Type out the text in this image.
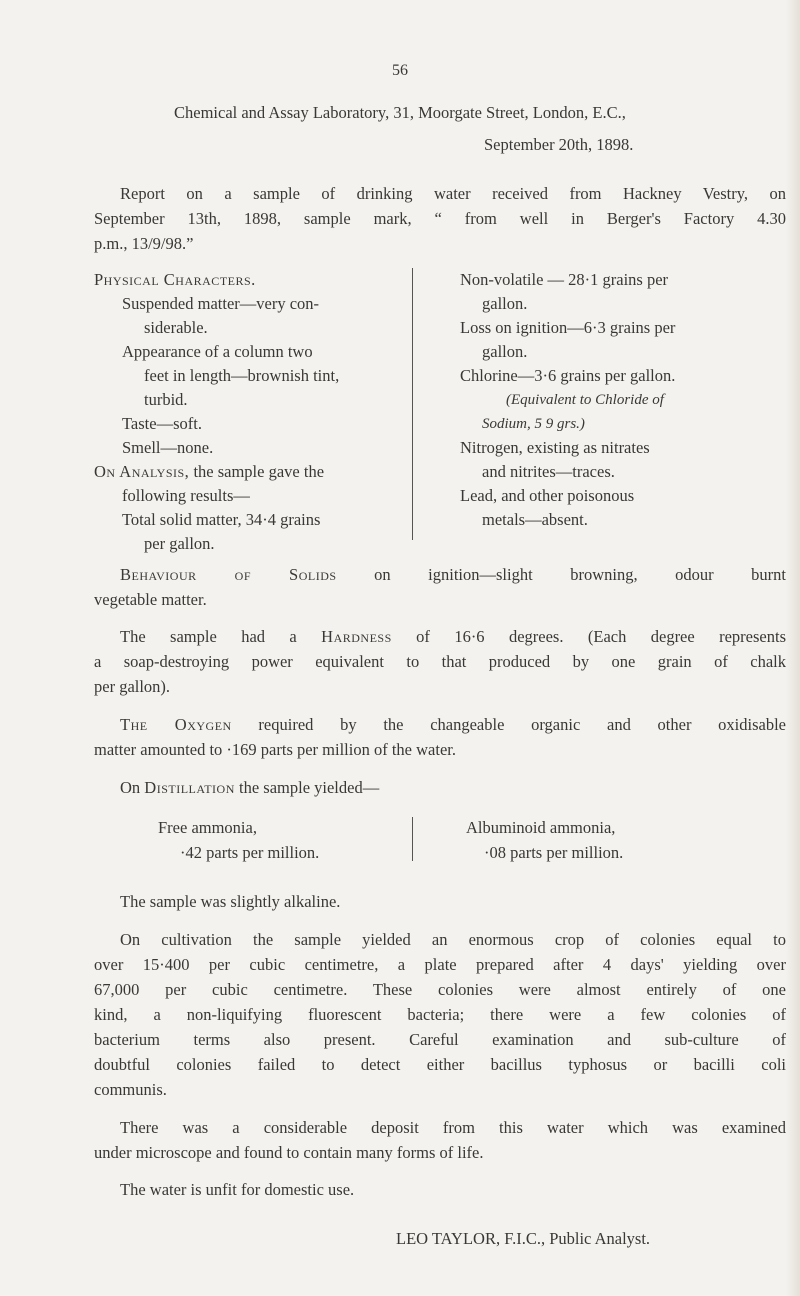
56
Chemical and Assay Laboratory, 31, Moorgate Street, London, E.C.,
September 20th, 1898.
Report on a sample of drinking water received from Hackney Vestry, on
September 13th, 1898, sample mark, “ from well in Berger's Factory 4.30
p.m., 13/9/98.”
Physical Characters.
Suspended matter—very con-
siderable.
Appearance of a column two
feet in length—brownish tint,
turbid.
Taste—soft.
Smell—none.
On Analysis, the sample gave the
following results—
Total solid matter, 34·4 grains
per gallon.
Non-volatile — 28·1 grains per
gallon.
Loss on ignition—6·3 grains per
gallon.
Chlorine—3·6 grains per gallon.
(Equivalent to Chloride of
Sodium, 5 9 grs.)
Nitrogen, existing as nitrates
and nitrites—traces.
Lead, and other poisonous
metals—absent.
Behaviour of Solids on ignition—slight browning, odour burnt
vegetable matter.
The sample had a Hardness of 16·6 degrees. (Each degree represents
a soap-destroying power equivalent to that produced by one grain of chalk
per gallon).
The Oxygen required by the changeable organic and other oxidisable
matter amounted to ·169 parts per million of the water.
On Distillation the sample yielded—
Free ammonia,
·42 parts per million.
Albuminoid ammonia,
·08 parts per million.
The sample was slightly alkaline.
On cultivation the sample yielded an enormous crop of colonies equal to
over 15·400 per cubic centimetre, a plate prepared after 4 days' yielding over
67,000 per cubic centimetre. These colonies were almost entirely of one
kind, a non-liquifying fluorescent bacteria; there were a few colonies of
bacterium terms also present. Careful examination and sub-culture of
doubtful colonies failed to detect either bacillus typhosus or bacilli coli
communis.
There was a considerable deposit from this water which was examined
under microscope and found to contain many forms of life.
The water is unfit for domestic use.
LEO TAYLOR, F.I.C., Public Analyst.
